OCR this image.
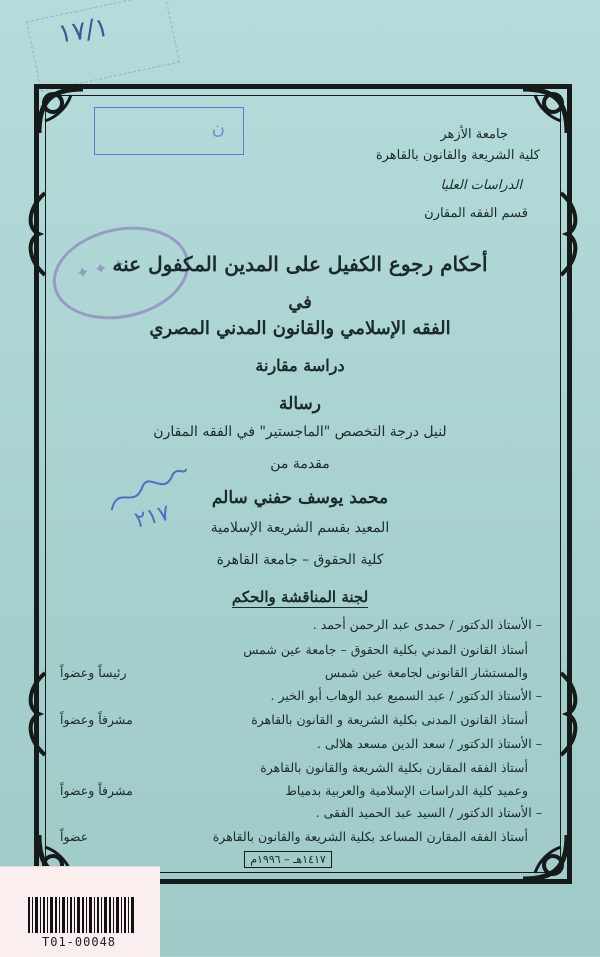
١٧/١
ن
✦ ✦ ✦
٢١٧
جامعة الأزهر
كلية الشريعة والقانون بالقاهرة
الدراسات العليا
قسم الفقه المقارن
أحكام رجوع الكفيل على المدين المكفول عنه
في
الفقه الإسلامي والقانون المدني المصري
دراسة مقارنة
رسالة
لنيل درجة التخصص "الماجستير" في الفقه المقارن
مقدمة من
محمد يوسف حفني سالم
المعيد بقسم الشريعة الإسلامية
كلية الحقوق – جامعة القاهرة
لجنة المناقشة والحكم
– الأستاذ الدكتور / حمدى عبد الرحمن أحمد .
أستاذ القانون المدني بكلية الحقوق – جامعة عين شمس
والمستشار القانونى لجامعة عين شمس
رئيساً وعضواً
– الأستاذ الدكتور / عبد السميع عبد الوهاب أبو الخير .
أستاذ القانون المدنى بكلية الشريعة و القانون بالقاهرة
مشرفاً وعضواً
– الأستاذ الدكتور / سعد الدين مسعد هلالى .
أستاذ الفقه المقارن بكلية الشريعة والقانون بالقاهرة
وعميد كلية الدراسات الإسلامية والعربية بدمياط
مشرفاً وعضواً
– الأستاذ الدكتور / السيد عبد الحميد الفقى .
أستاذ الفقه المقارن المساعد بكلية الشريعة والقانون بالقاهرة
عضواً
١٤١٧هـ – ١٩٩٦م
T01-00048
